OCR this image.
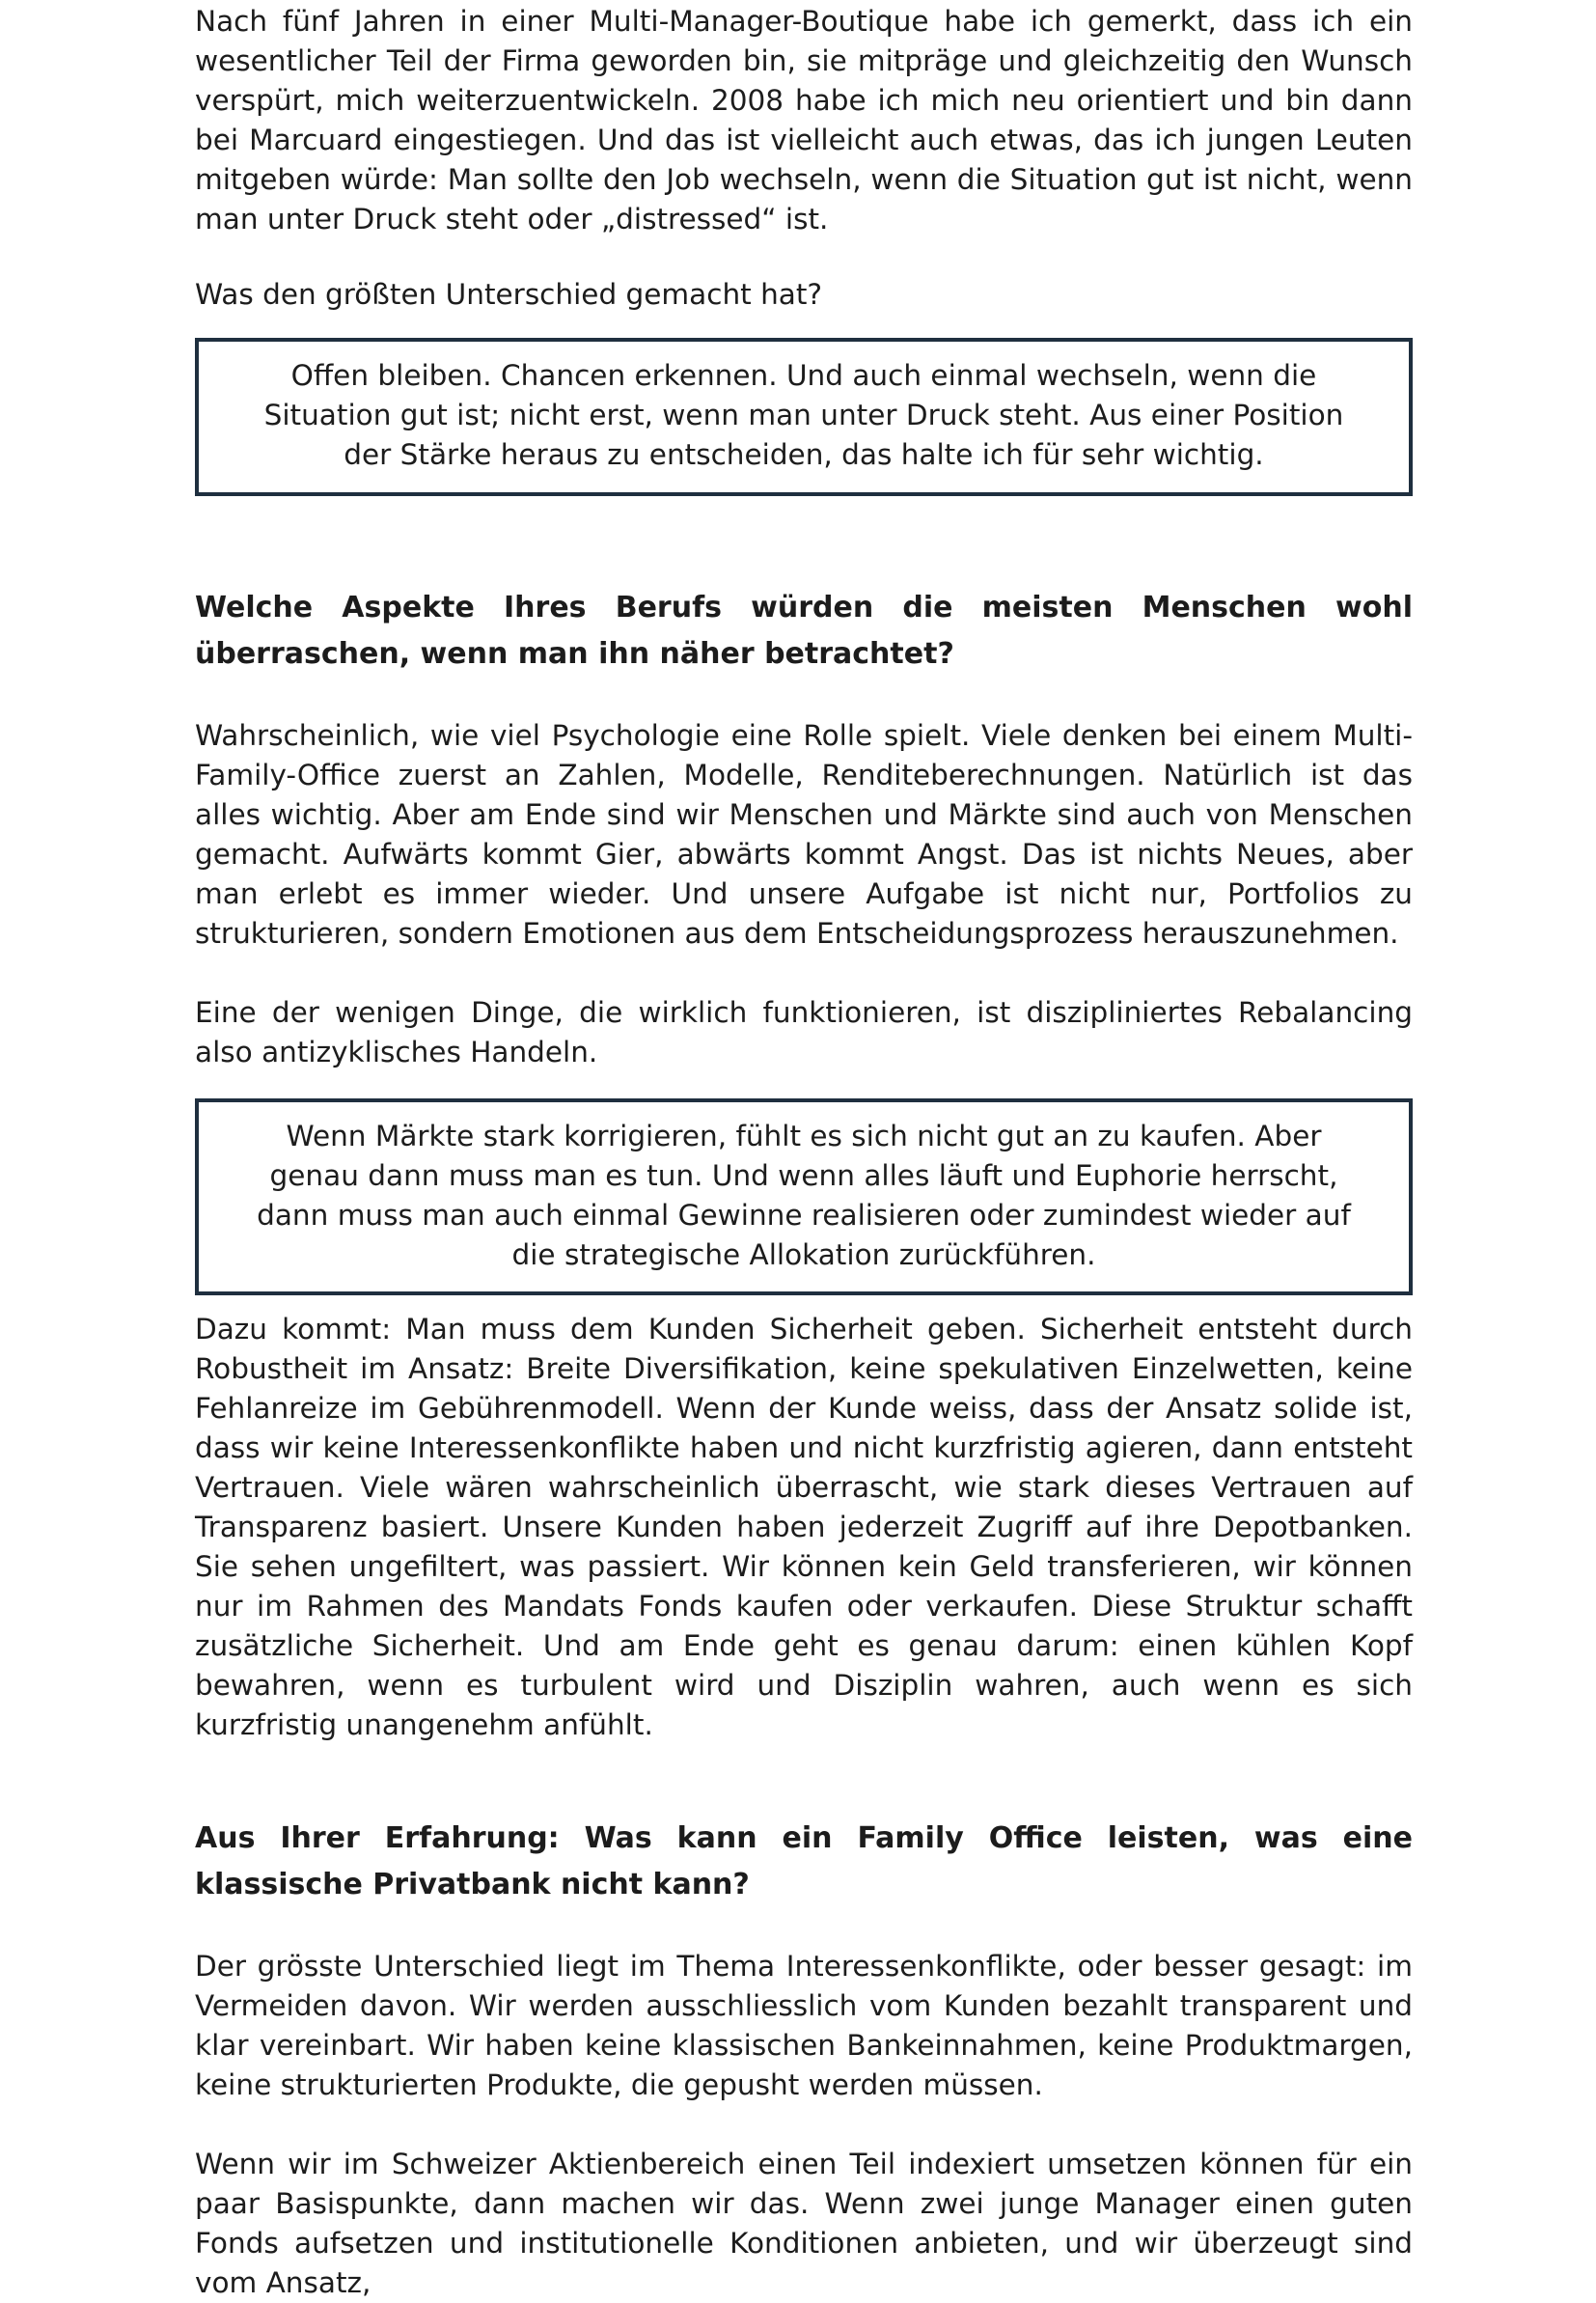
Nach fünf Jahren in einer Multi-Manager-Boutique habe ich gemerkt, dass ich ein wesentlicher Teil der Firma geworden bin, sie mitpräge und gleichzeitig den Wunsch verspürt, mich weiterzuentwickeln. 2008 habe ich mich neu orientiert und bin dann bei Marcuard eingestiegen. Und das ist vielleicht auch etwas, das ich jungen Leuten mitgeben würde: Man sollte den Job wechseln, wenn die Situation gut ist nicht, wenn man unter Druck steht oder „distressed“ ist.

Was den größten Unterschied gemacht hat?

Offen bleiben. Chancen erkennen. Und auch einmal wechseln, wenn die Situation gut ist; nicht erst, wenn man unter Druck steht. Aus einer Position der Stärke heraus zu entscheiden, das halte ich für sehr wichtig.

Welche Aspekte Ihres Berufs würden die meisten Menschen wohl überraschen, wenn man ihn näher betrachtet?

Wahrscheinlich, wie viel Psychologie eine Rolle spielt. Viele denken bei einem Multi-Family-Office zuerst an Zahlen, Modelle, Renditeberechnungen. Natürlich ist das alles wichtig. Aber am Ende sind wir Menschen und Märkte sind auch von Menschen gemacht. Aufwärts kommt Gier, abwärts kommt Angst. Das ist nichts Neues, aber man erlebt es immer wieder. Und unsere Aufgabe ist nicht nur, Portfolios zu strukturieren, sondern Emotionen aus dem Entscheidungsprozess herauszunehmen.

Eine der wenigen Dinge, die wirklich funktionieren, ist diszipliniertes Rebalancing also antizyklisches Handeln.

Wenn Märkte stark korrigieren, fühlt es sich nicht gut an zu kaufen. Aber genau dann muss man es tun. Und wenn alles läuft und Euphorie herrscht, dann muss man auch einmal Gewinne realisieren oder zumindest wieder auf die strategische Allokation zurückführen.

Dazu kommt: Man muss dem Kunden Sicherheit geben. Sicherheit entsteht durch Robustheit im Ansatz: Breite Diversifikation, keine spekulativen Einzelwetten, keine Fehlanreize im Gebührenmodell. Wenn der Kunde weiss, dass der Ansatz solide ist, dass wir keine Interessenkonflikte haben und nicht kurzfristig agieren, dann entsteht Vertrauen. Viele wären wahrscheinlich überrascht, wie stark dieses Vertrauen auf Transparenz basiert. Unsere Kunden haben jederzeit Zugriff auf ihre Depotbanken. Sie sehen ungefiltert, was passiert. Wir können kein Geld transferieren, wir können nur im Rahmen des Mandats Fonds kaufen oder verkaufen. Diese Struktur schafft zusätzliche Sicherheit. Und am Ende geht es genau darum: einen kühlen Kopf bewahren, wenn es turbulent wird und Disziplin wahren, auch wenn es sich kurzfristig unangenehm anfühlt.

Aus Ihrer Erfahrung: Was kann ein Family Office leisten, was eine klassische Privatbank nicht kann?

Der grösste Unterschied liegt im Thema Interessenkonflikte, oder besser gesagt: im Vermeiden davon. Wir werden ausschliesslich vom Kunden bezahlt transparent und klar vereinbart. Wir haben keine klassischen Bankeinnahmen, keine Produktmargen, keine strukturierten Produkte, die gepusht werden müssen.

Wenn wir im Schweizer Aktienbereich einen Teil indexiert umsetzen können für ein paar Basispunkte, dann machen wir das. Wenn zwei junge Manager einen guten Fonds aufsetzen und institutionelle Konditionen anbieten, und wir überzeugt sind vom Ansatz,
